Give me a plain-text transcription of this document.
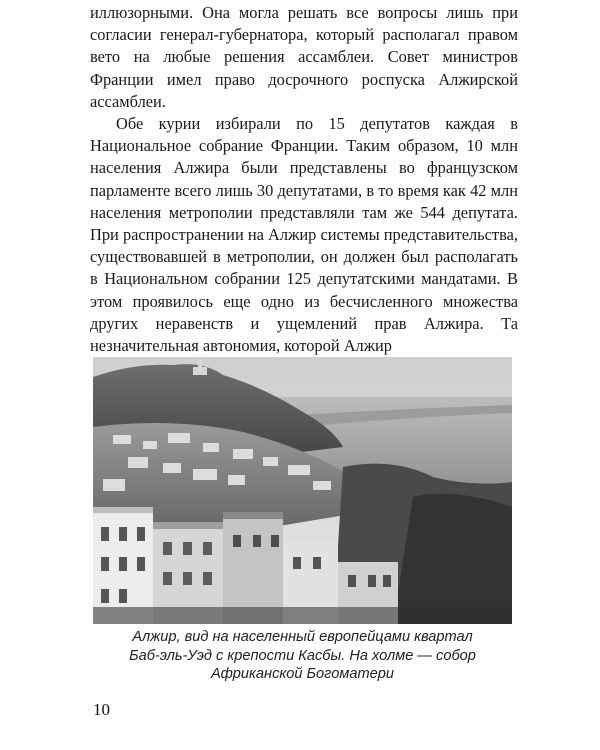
иллюзорными. Она могла решать все вопросы лишь при согласии генерал-губернатора, который располагал правом вето на любые решения ассамблеи. Совет министров Франции имел право досрочного роспуска Алжирской ассамблеи.

Обе курии избирали по 15 депутатов каждая в Национальное собрание Франции. Таким образом, 10 млн населения Алжира были представлены во французском парламенте всего лишь 30 депутатами, в то время как 42 млн населения метрополии представляли там же 544 депутата. При распространении на Алжир системы представительства, существовавшей в метрополии, он должен был располагать в Национальном собрании 125 депутатскими мандатами. В этом проявилось еще одно из бесчисленного множества других неравенств и ущемлений прав Алжира. Та незначительная автономия, которой Алжир

Алжир, вид на населенный европейцами квартал
Баб-эль-Уэд с крепости Касбы. На холме — собор
Африканской Богоматери
10
